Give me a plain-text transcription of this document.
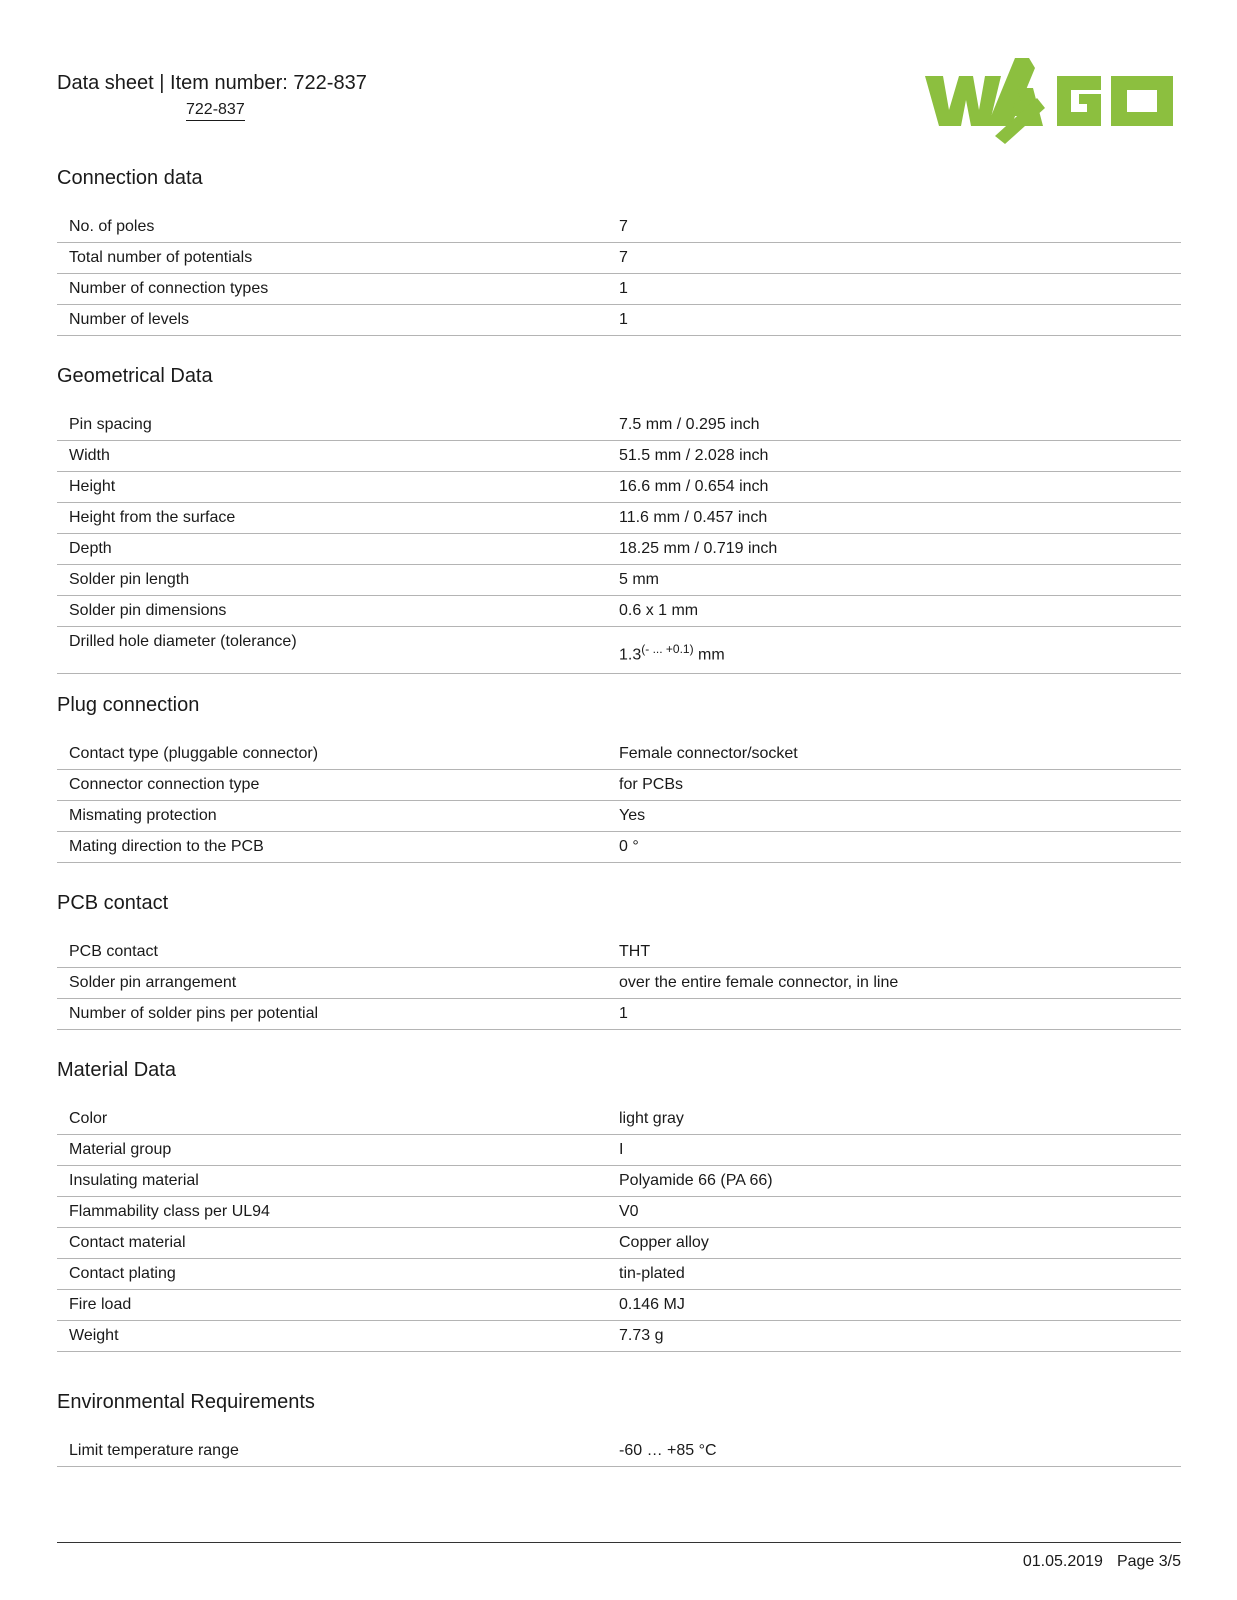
Data sheet | Item number: 722-837
722-837
Connection data
No. of poles	7
Total number of potentials	7
Number of connection types	1
Number of levels	1
Geometrical Data
Pin spacing	7.5 mm / 0.295 inch
Width	51.5 mm / 2.028 inch
Height	16.6 mm / 0.654 inch
Height from the surface	11.6 mm / 0.457 inch
Depth	18.25 mm / 0.719 inch
Solder pin length	5 mm
Solder pin dimensions	0.6 x 1 mm
Drilled hole diameter (tolerance)	$1.3^{(- ... +0.1)}$ mm
Plug connection
Contact type (pluggable connector)	Female connector/socket
Connector connection type	for PCBs
Mismating protection	Yes
Mating direction to the PCB	0 °
PCB contact
PCB contact	THT
Solder pin arrangement	over the entire female connector, in line
Number of solder pins per potential	1
Material Data
Color	light gray
Material group	I
Insulating material	Polyamide 66 (PA 66)
Flammability class per UL94	V0
Contact material	Copper alloy
Contact plating	tin-plated
Fire load	0.146 MJ
Weight	7.73 g
Environmental Requirements
Limit temperature range	-60 … +85 °C
01.05.2019 Page 3/5
